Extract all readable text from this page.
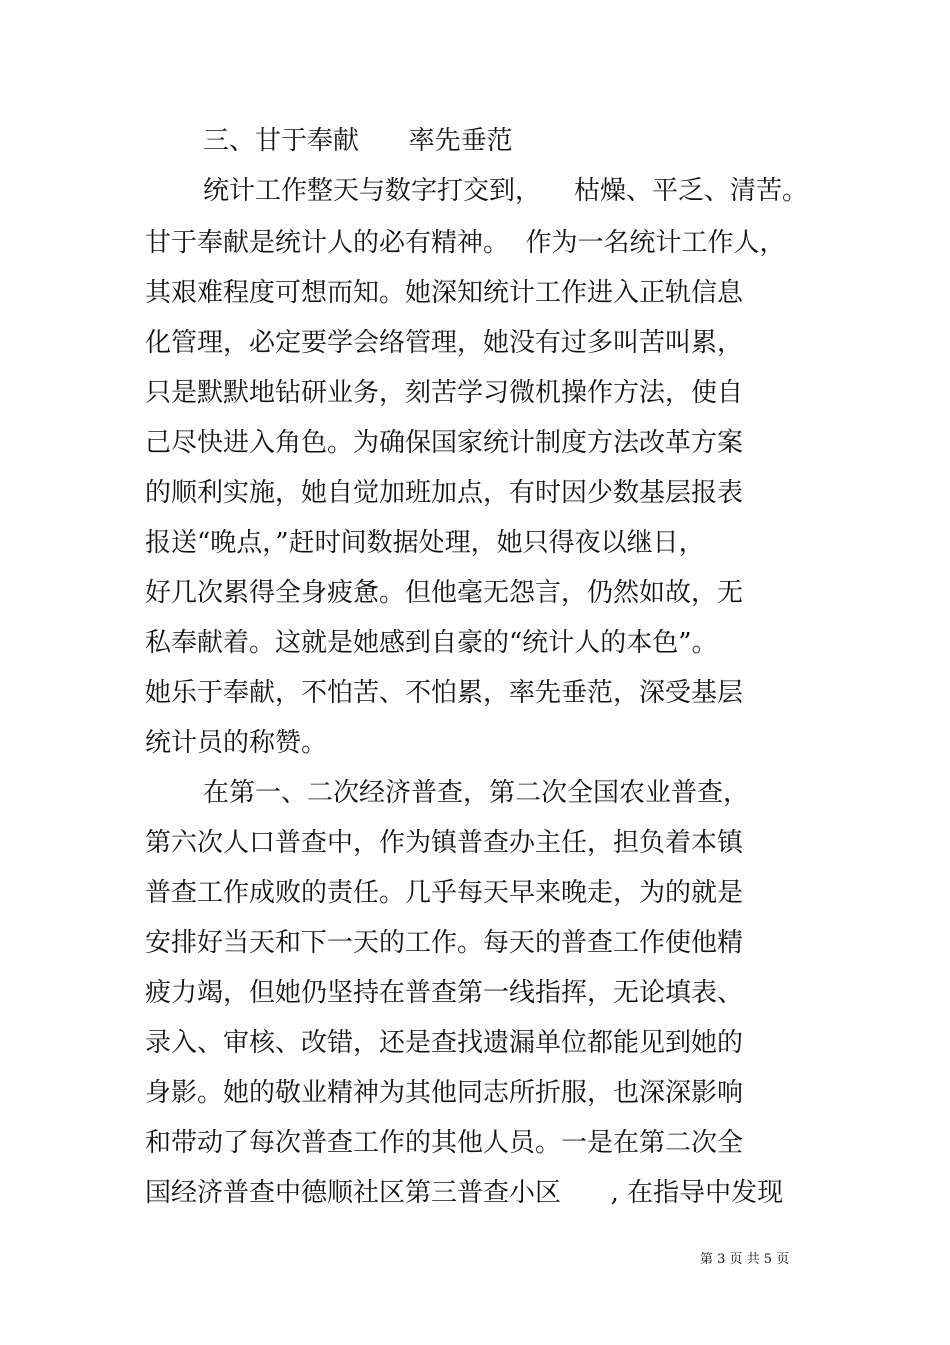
三、甘于奉献      率先垂范

统计工作整天与数字打交到，    枯燥、平乏、清苦。

甘于奉献是统计人的必有精神。  作为一名统计工作人，

其艰难程度可想而知。她深知统计工作进入正轨信息

化管理，必定要学会络管理，她没有过多叫苦叫累，

只是默默地钻研业务，刻苦学习微机操作方法，使自

己尽快进入角色。为确保国家统计制度方法改革方案

的顺利实施，她自觉加班加点，有时因少数基层报表

报送“晚点，”赶时间数据处理，她只得夜以继日，

好几次累得全身疲惫。但他毫无怨言，仍然如故，无

私奉献着。这就是她感到自豪的“统计人的本色”。

她乐于奉献，不怕苦、不怕累，率先垂范，深受基层

统计员的称赞。

在第一、二次经济普查，第二次全国农业普查，

第六次人口普查中，作为镇普查办主任，担负着本镇

普查工作成败的责任。几乎每天早来晚走，为的就是

安排好当天和下一天的工作。每天的普查工作使他精

疲力竭，但她仍坚持在普查第一线指挥，无论填表、

录入、审核、改错，还是查找遗漏单位都能见到她的

身影。她的敬业精神为其他同志所折服，也深深影响

和带动了每次普查工作的其他人员。一是在第二次全

国经济普查中德顺社区第三普查小区      , 在指导中发现

第 3 页 共 5 页
